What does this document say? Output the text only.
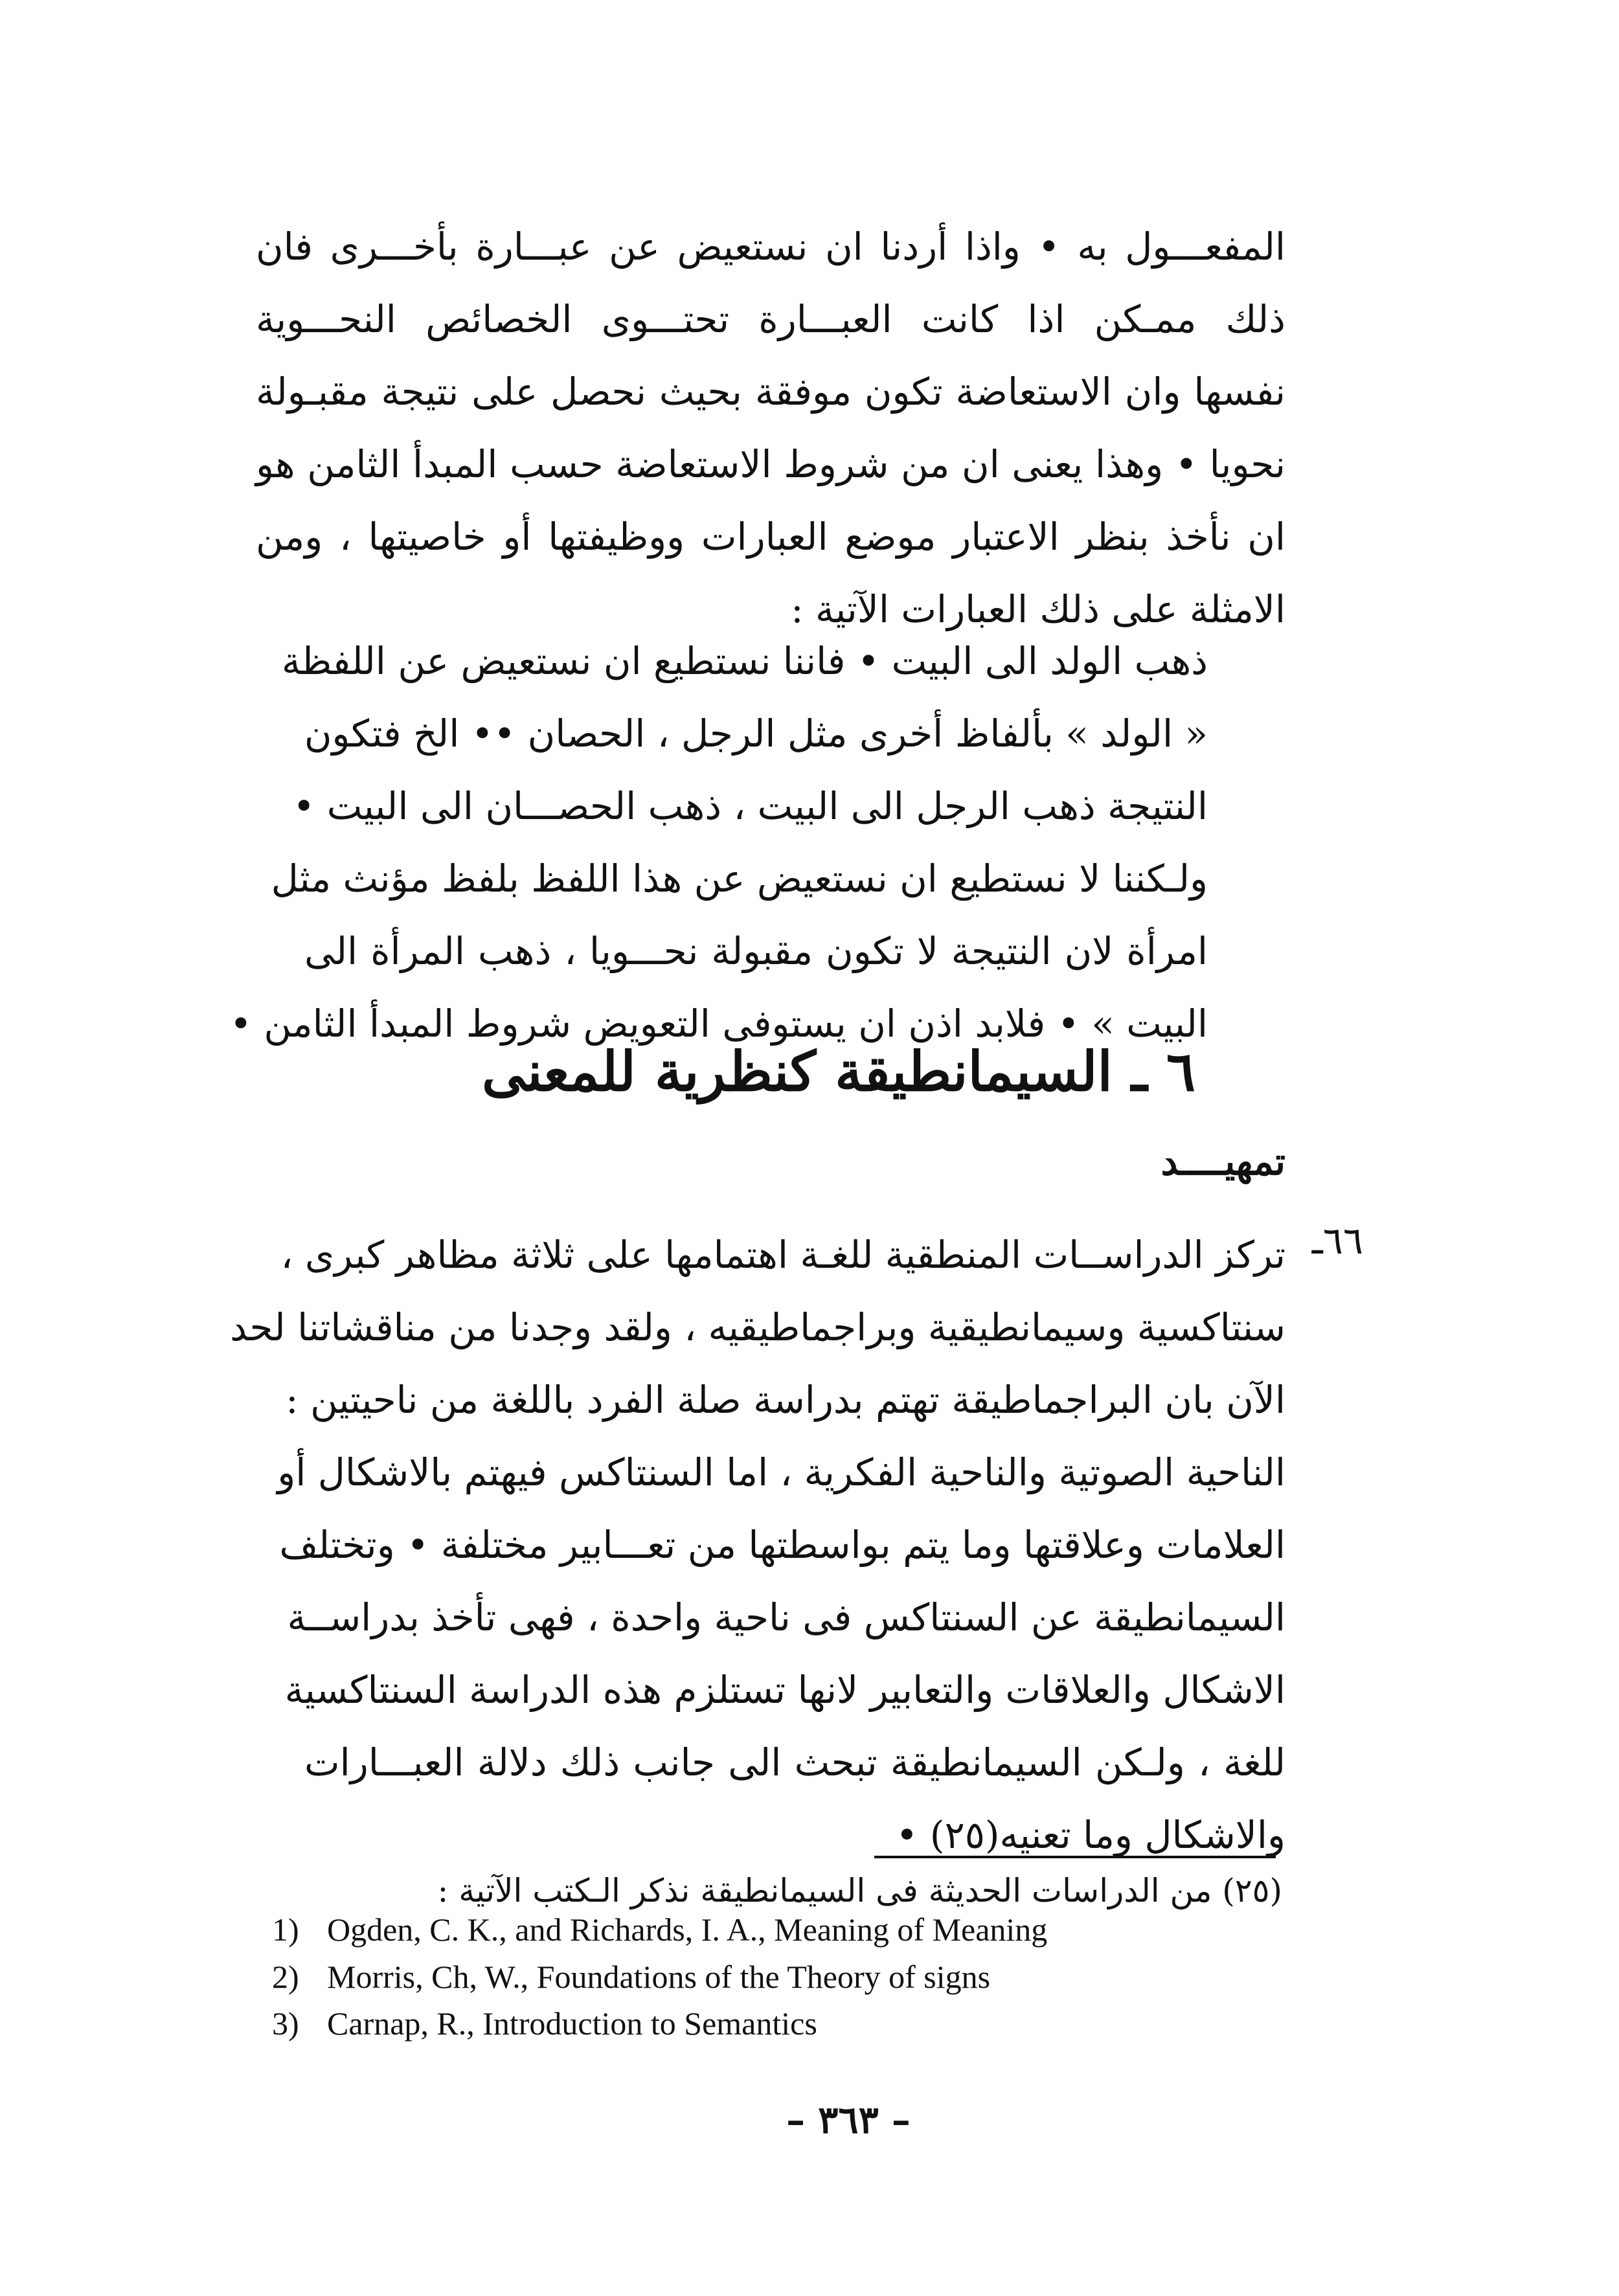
المفعـــول به • واذا أردنا ان نستعيض عن عبـــارة بأخـــرى فان
ذلك ممـكن اذا كانت العبـــارة تحتـــوى الخصائص النحـــوية
نفسها وان الاستعاضة تكون موفقة بحيث نحصل على نتيجة مقبـولة
نحويا • وهذا يعنى ان من شروط الاستعاضة حسب المبدأ الثامن هو
ان نأخذ بنظر الاعتبار موضع العبارات ووظيفتها أو خاصيتها ، ومن
الامثلة على ذلك العبارات الآتية :
ذهب الولد الى البيت • فاننا نستطيع ان نستعيض عن اللفظة
« الولد » بألفاظ أخرى مثل الرجل ، الحصان •• الخ فتكون
النتيجة ذهب الرجل الى البيت ، ذهب الحصـــان الى البيت •
ولـكننا لا نستطيع ان نستعيض عن هذا اللفظ بلفظ مؤنث مثل
امرأة لان النتيجة لا تكون مقبولة نحـــويا ، ذهب المرأة الى
البيت » • فلابد اذن ان يستوفى التعويض شروط المبدأ الثامن •
٦ ـ السيمانطيقة كنظرية للمعنى
تمهيــــد
٦٦ـ
تركز الدراســات المنطقية للغـة اهتمامها على ثلاثة مظاهر كبرى ،
سنتاكسية وسيمانطيقية وبراجماطيقيه ، ولقد وجدنا من مناقشاتنا لحد
الآن بان البراجماطيقة تهتم بدراسة صلة الفرد باللغة من ناحيتين :
الناحية الصوتية والناحية الفكرية ، اما السنتاكس فيهتم بالاشكال أو
العلامات وعلاقتها وما يتم بواسطتها من تعـــابير مختلفة • وتختلف
السيمانطيقة عن السنتاكس فى ناحية واحدة ، فهى تأخذ بدراســة
الاشكال والعلاقات والتعابير لانها تستلزم هذه الدراسة السنتاكسية
للغة ، ولـكن السيمانطيقة تبحث الى جانب ذلك دلالة العبـــارات
والاشكال وما تعنيه(٢٥) •
(٢٥) من الدراسات الحديثة فى السيمانطيقة نذكر الـكتب الآتية :
1) Ogden, C. K., and Richards, I. A., Meaning of Meaning
2) Morris, Ch, W., Foundations of the Theory of signs
3) Carnap, R., Introduction to Semantics
– ٣٦٣ –
